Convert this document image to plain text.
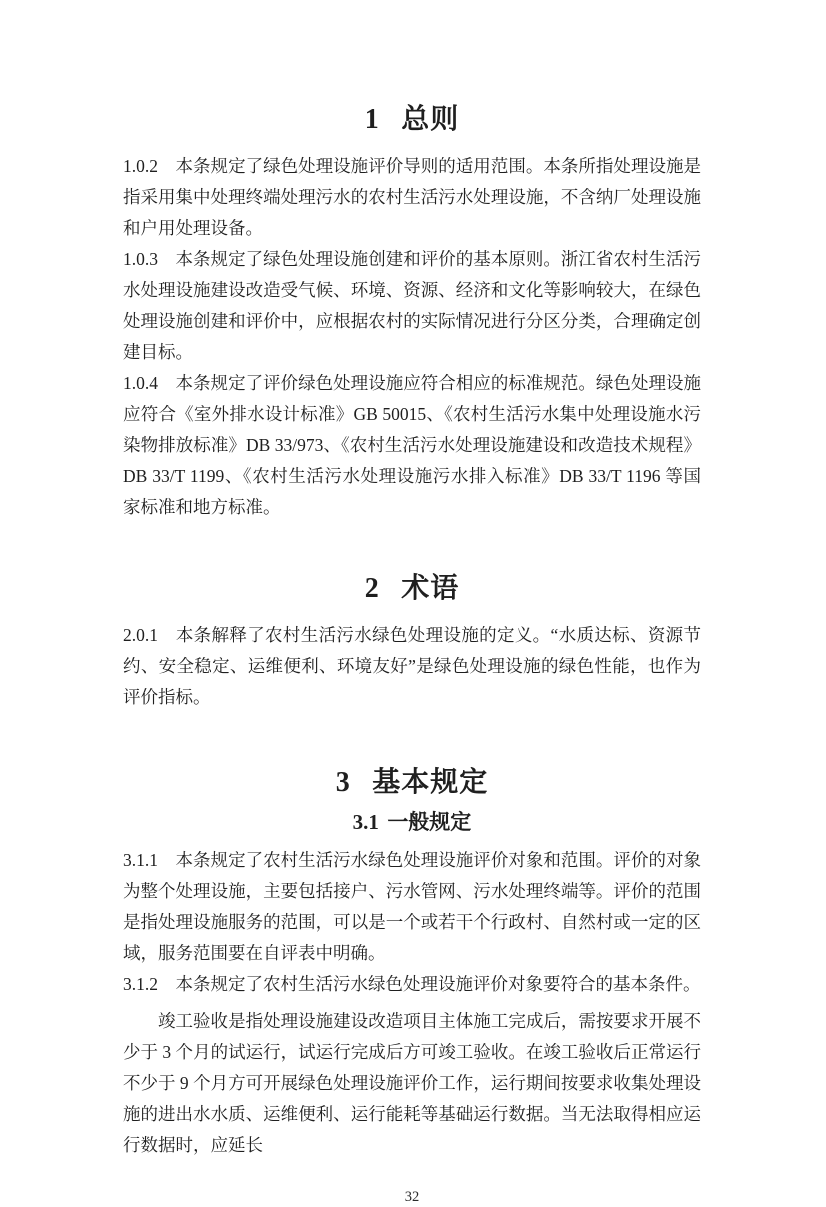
1 总则

1.0.2 本条规定了绿色处理设施评价导则的适用范围。本条所指处理设施是指采用集中处理终端处理污水的农村生活污水处理设施，不含纳厂处理设施和户用处理设备。

1.0.3 本条规定了绿色处理设施创建和评价的基本原则。浙江省农村生活污水处理设施建设改造受气候、环境、资源、经济和文化等影响较大，在绿色处理设施创建和评价中，应根据农村的实际情况进行分区分类，合理确定创建目标。

1.0.4 本条规定了评价绿色处理设施应符合相应的标准规范。绿色处理设施应符合《室外排水设计标准》GB 50015、《农村生活污水集中处理设施水污染物排放标准》DB 33/973、《农村生活污水处理设施建设和改造技术规程》DB 33/T 1199、《农村生活污水处理设施污水排入标准》DB 33/T 1196 等国家标准和地方标准。

2 术语

2.0.1 本条解释了农村生活污水绿色处理设施的定义。“水质达标、资源节约、安全稳定、运维便利、环境友好”是绿色处理设施的绿色性能，也作为评价指标。

3 基本规定
3.1 一般规定

3.1.1 本条规定了农村生活污水绿色处理设施评价对象和范围。评价的对象为整个处理设施，主要包括接户、污水管网、污水处理终端等。评价的范围是指处理设施服务的范围，可以是一个或若干个行政村、自然村或一定的区域，服务范围要在自评表中明确。

3.1.2 本条规定了农村生活污水绿色处理设施评价对象要符合的基本条件。

竣工验收是指处理设施建设改造项目主体施工完成后，需按要求开展不少于 3 个月的试运行，试运行完成后方可竣工验收。在竣工验收后正常运行不少于 9 个月方可开展绿色处理设施评价工作，运行期间按要求收集处理设施的进出水水质、运维便利、运行能耗等基础运行数据。当无法取得相应运行数据时，应延长

32
